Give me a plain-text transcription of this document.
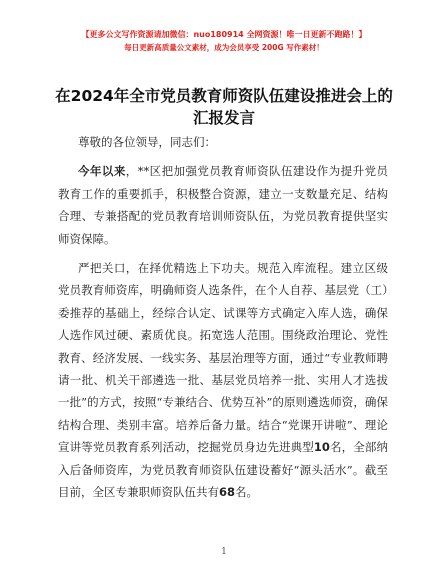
【更多公文写作资源请加微信：nuo180914 全网资源！唯一日更新不跑路！】
每日更新高质量公文素材，成为会员享受 200G 写作素材！
在2024年全市党员教育师资队伍建设推进会上的汇报发言
尊敬的各位领导，同志们：
今年以来，**区把加强党员教育师资队伍建设作为提升党员教育工作的重要抓手，积极整合资源，建立一支数量充足、结构合理、专兼搭配的党员教育培训师资队伍，为党员教育提供坚实师资保障。
严把关口，在择优精选上下功夫。规范入库流程。建立区级党员教育师资库，明确师资人选条件，在个人自荐、基层党（工）委推荐的基础上，经综合认定、试课等方式确定入库人选，确保人选作风过硬、素质优良。拓宽选人范围。围绕政治理论、党性教育、经济发展、一线实务、基层治理等方面，通过“专业教师聘请一批、机关干部遴选一批、基层党员培养一批、实用人才选拔一批”的方式，按照“专兼结合、优势互补”的原则遴选师资，确保结构合理、类别丰富。培养后备力量。结合“党课开讲啦”、理论宣讲等党员教育系列活动，挖掘党员身边先进典型10名，全部纳入后备师资库，为党员教育师资队伍建设蓄好“源头活水”。截至目前，全区专兼职师资队伍共有68名。
1
